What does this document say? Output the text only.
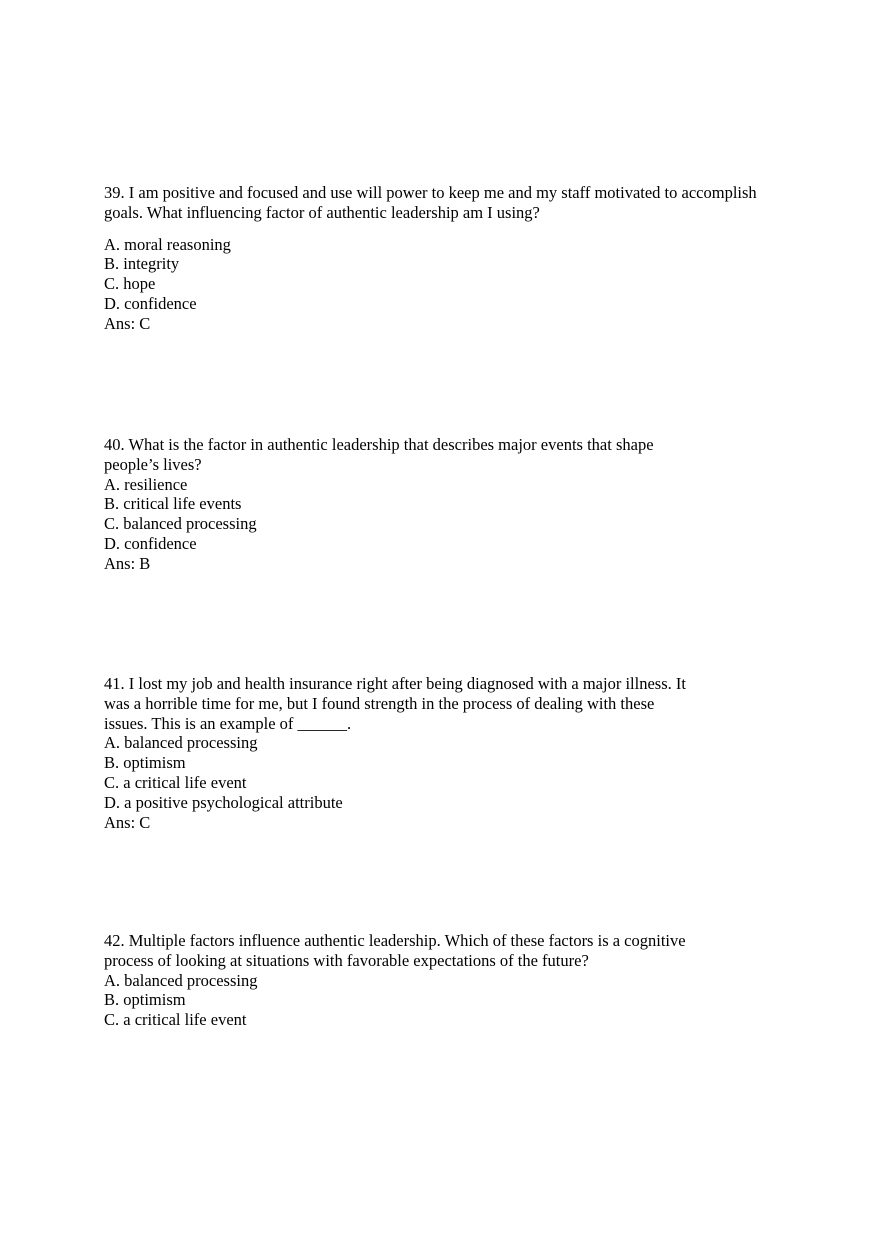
39. I am positive and focused and use will power to keep me and my staff motivated to accomplish
goals. What influencing factor of authentic leadership am I using?
A. moral reasoning
B. integrity
C. hope
D. confidence
Ans: C
40. What is the factor in authentic leadership that describes major events that shape
people’s lives?
A. resilience
B. critical life events
C. balanced processing
D. confidence
Ans: B
41. I lost my job and health insurance right after being diagnosed with a major illness. It
was a horrible time for me, but I found strength in the process of dealing with these
issues. This is an example of ______.
A. balanced processing
B. optimism
C. a critical life event
D. a positive psychological attribute
Ans: C
42. Multiple factors influence authentic leadership. Which of these factors is a cognitive
process of looking at situations with favorable expectations of the future?
A. balanced processing
B. optimism
C. a critical life event
